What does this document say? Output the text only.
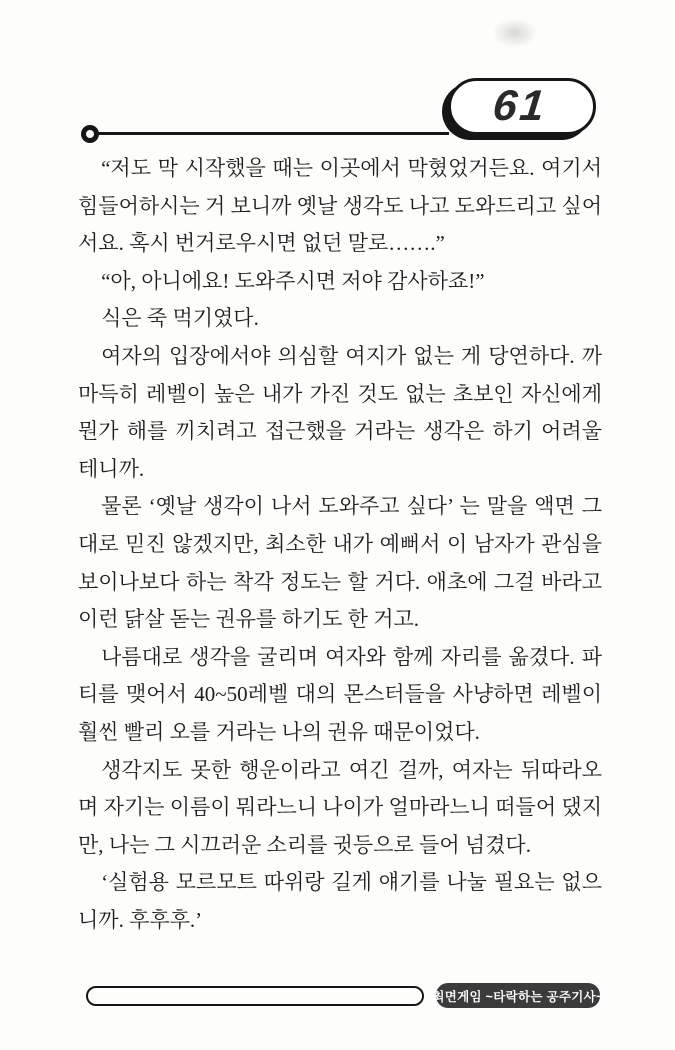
61

“저도 막 시작했을 때는 이곳에서 막혔었거든요. 여기서 힘들어하시는 거 보니까 옛날 생각도 나고 도와드리고 싶어서요. 혹시 번거로우시면 없던 말로…….”

“아, 아니에요! 도와주시면 저야 감사하죠!”

식은 죽 먹기였다.

여자의 입장에서야 의심할 여지가 없는 게 당연하다. 까마득히 레벨이 높은 내가 가진 것도 없는 초보인 자신에게 뭔가 해를 끼치려고 접근했을 거라는 생각은 하기 어려울 테니까.

물론 ‘옛날 생각이 나서 도와주고 싶다’ 는 말을 액면 그대로 믿진 않겠지만, 최소한 내가 예뻐서 이 남자가 관심을 보이나보다 하는 착각 정도는 할 거다. 애초에 그걸 바라고 이런 닭살 돋는 권유를 하기도 한 거고.

나름대로 생각을 굴리며 여자와 함께 자리를 옮겼다. 파티를 맺어서 40~50레벨 대의 몬스터들을 사냥하면 레벨이 훨씬 빨리 오를 거라는 나의 권유 때문이었다.

생각지도 못한 행운이라고 여긴 걸까, 여자는 뒤따라오며 자기는 이름이 뭐라느니 나이가 얼마라느니 떠들어 댔지만, 나는 그 시끄러운 소리를 귓등으로 들어 넘겼다.

‘실험용 모르모트 따위랑 길게 얘기를 나눌 필요는 없으니까. 후후후.’

최면게임 ~타락하는 공주기사~
